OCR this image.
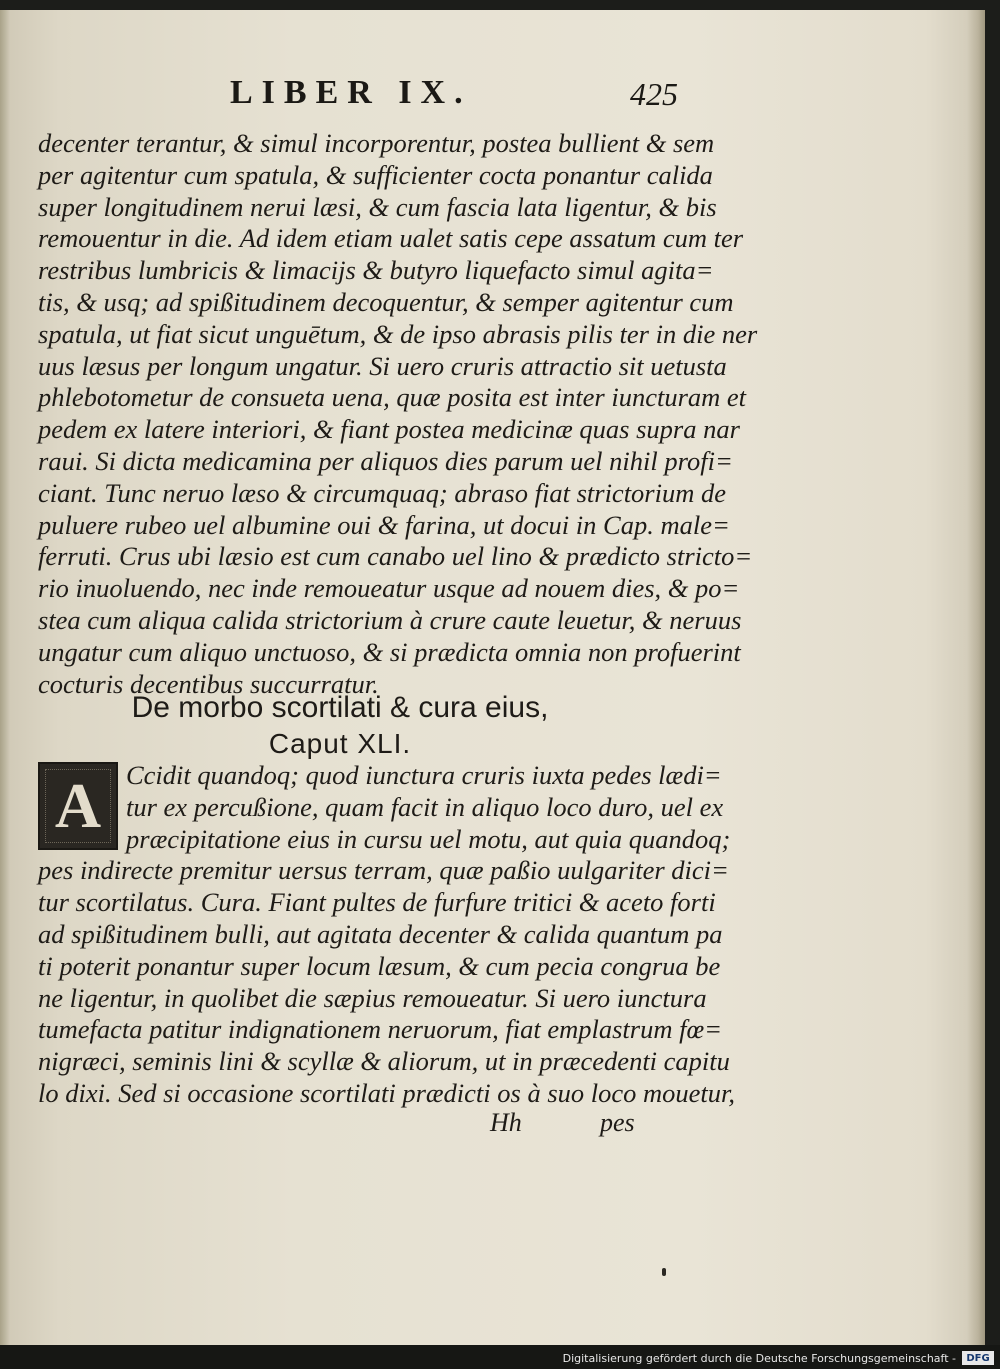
LIBER IX.	425
decenter terantur, & simul incorporentur, postea bullient & sem
per agitentur cum spatula, & sufficienter cocta ponantur calida
super longitudinem nerui læsi, & cum fascia lata ligentur, & bis
remouentur in die. Ad idem etiam ualet satis cepe assatum cum ter
restribus lumbricis & limacijs & butyro liquefacto simul agita=
tis, & usq; ad spißitudinem decoquentur, & semper agitentur cum
spatula, ut fiat sicut unguētum, & de ipso abrasis pilis ter in die ner
uus læsus per longum ungatur. Si uero cruris attractio sit uetusta
phlebotometur de consueta uena, quæ posita est inter iuncturam et
pedem ex latere interiori, & fiant postea medicinæ quas supra nar
raui. Si dicta medicamina per aliquos dies parum uel nihil profi=
ciant. Tunc neruo læso & circumquaq; abraso fiat strictorium de
puluere rubeo uel albumine oui & farina, ut docui in Cap. male=
ferruti. Crus ubi læsio est cum canabo uel lino & prædicto stricto=
rio inuoluendo, nec inde remoueatur usque ad nouem dies, & po=
stea cum aliqua calida strictorium à crure caute leuetur, & neruus
ungatur cum aliquo unctuoso, & si prædicta omnia non profuerint
cocturis decentibus succurratur.
De morbo scortilati & cura eius,
Caput XLI.
A Ccidit quandoq; quod iunctura cruris iuxta pedes lædi=
tur ex percußione, quam facit in aliquo loco duro, uel ex
præcipitatione eius in cursu uel motu, aut quia quandoq;
pes indirecte premitur uersus terram, quæ paßio uulgariter dici=
tur scortilatus. Cura. Fiant pultes de furfure tritici & aceto forti
ad spißitudinem bulli, aut agitata decenter & calida quantum pa
ti poterit ponantur super locum læsum, & cum pecia congrua be
ne ligentur, in quolibet die sæpius remoueatur. Si uero iunctura
tumefacta patitur indignationem neruorum, fiat emplastrum fœ=
nigræci, seminis lini & scyllæ & aliorum, ut in præcedenti capitu
lo dixi. Sed si occasione scortilati prædicti os à suo loco mouetur,
Hh	pes
Digitalisierung gefördert durch die Deutsche Forschungsgemeinschaft -	DFG
